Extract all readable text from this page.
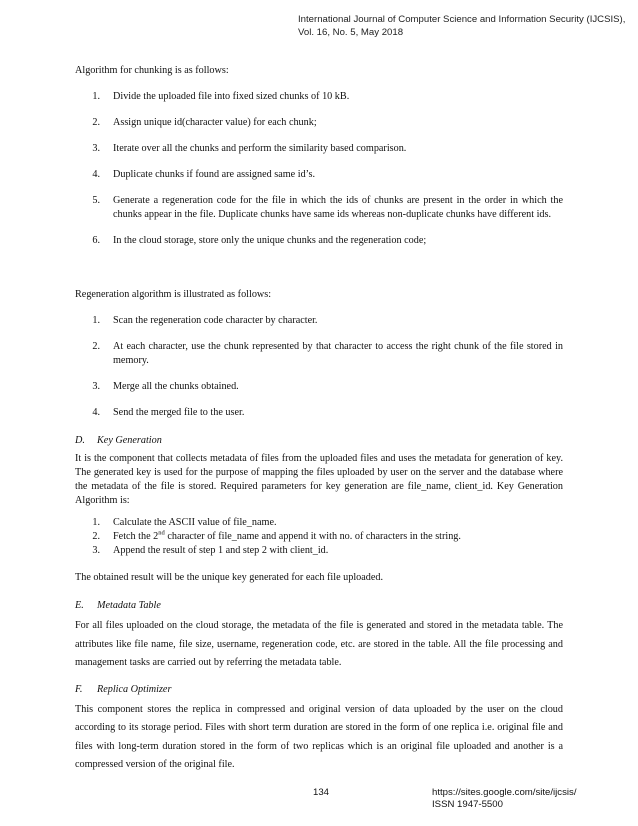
International Journal of Computer Science and Information Security (IJCSIS),
Vol. 16, No. 5, May 2018

Algorithm for chunking is as follows:

1.	Divide the uploaded file into fixed sized chunks of 10 kB.
2.	Assign unique id(character value) for each chunk;
3.	Iterate over all the chunks and perform the similarity based comparison.
4.	Duplicate chunks if found are assigned same id’s.
5.	Generate a regeneration code for the file in which the ids of chunks are present in the order in which the chunks appear in the file. Duplicate chunks have same ids whereas non-duplicate chunks have different ids.
6.	In the cloud storage, store only the unique chunks and the regeneration code;

Regeneration algorithm is illustrated as follows:

1.	Scan the regeneration code character by character.
2.	At each character, use the chunk represented by that character to access the right chunk of the file stored in memory.
3.	Merge all the chunks obtained.
4.	Send the merged file to the user.
D.	Key Generation

It is the component that collects metadata of files from the uploaded files and uses the metadata for generation of key. The generated key is used for the purpose of mapping the files uploaded by user on the server and the database where the metadata of the file is stored. Required parameters for key generation are file_name, client_id. Key Generation Algorithm is:

1.	Calculate the ASCII value of file_name.
2.	Fetch the 2nd character of file_name and append it with no. of characters in the string.
3.	Append the result of step 1 and step 2 with client_id.

The obtained result will be the unique key generated for each file uploaded.

E.	Metadata Table

For all files uploaded on the cloud storage, the metadata of the file is generated and stored in the metadata table. The attributes like file name, file size, username, regeneration code, etc. are stored in the table. All the file processing and management tasks are carried out by referring the metadata table.

F.	Replica Optimizer

This component stores the replica in compressed and original version of data uploaded by the user on the cloud according to its storage period. Files with short term duration are stored in the form of one replica i.e. original file and files with long-term duration stored in the form of two replicas which is an original file uploaded and another is a compressed version of the original file.

134	https://sites.google.com/site/ijcsis/
ISSN 1947-5500
